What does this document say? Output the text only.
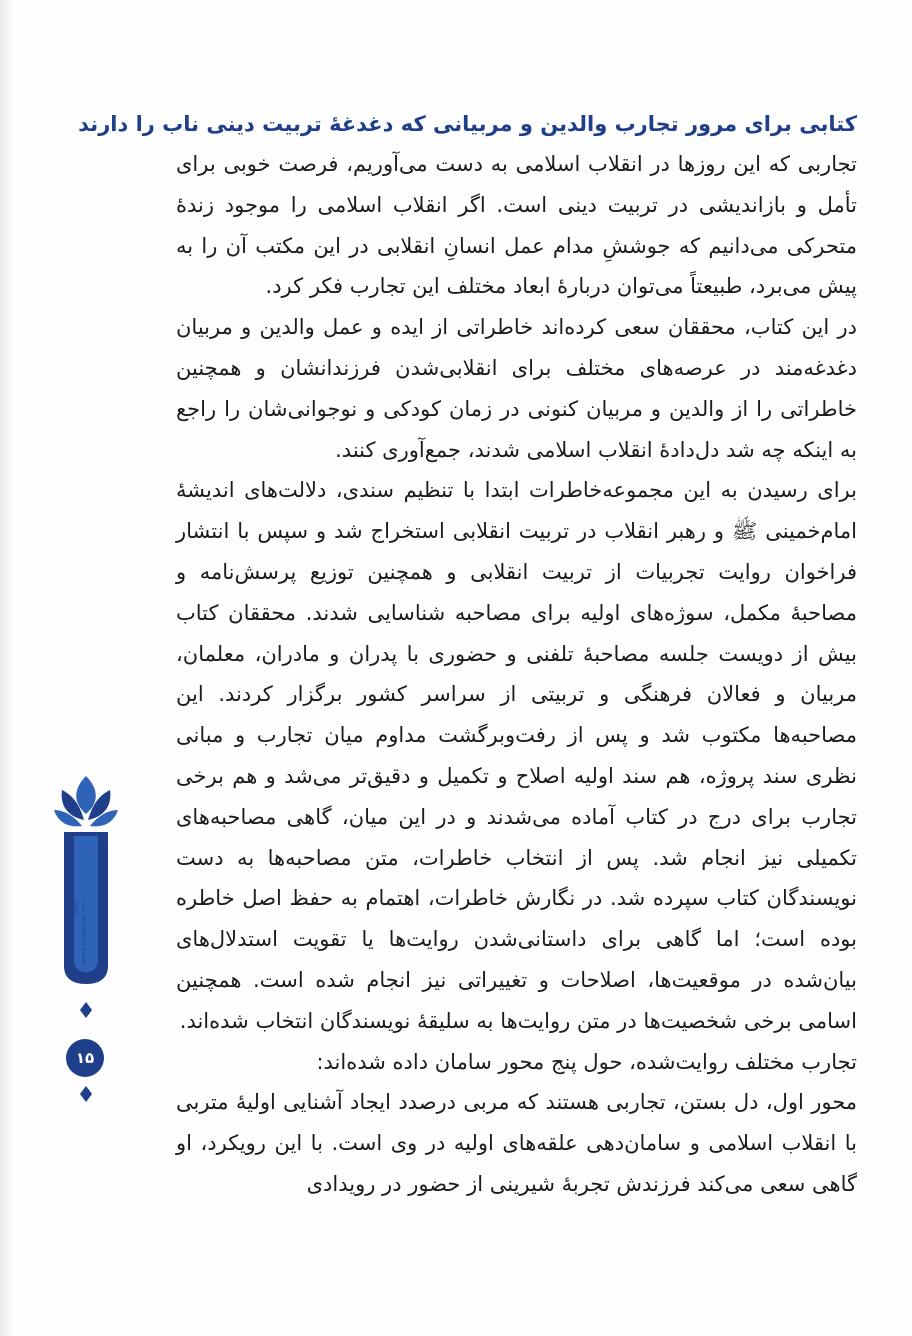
کتابی برای مرور تجارب والدین و مربیانی که دغدغهٔ تربیت دینی ناب را دارند

تجاربی که این روزها در انقلاب اسلامی به دست می‌آوریم، فرصت خوبی برای تأمل و بازاندیشی در تربیت دینی است. اگر انقلاب اسلامی را موجود زندهٔ متحرکی می‌دانیم که جوششِ مدام عمل انسانِ انقلابی در این مکتب آن را به پیش می‌برد، طبیعتاً می‌توان دربارهٔ ابعاد مختلف این تجارب فکر کرد.

در این کتاب، محققان سعی کرده‌اند خاطراتی از ایده و عمل والدین و مربیان دغدغه‌مند در عرصه‌های مختلف برای انقلابی‌شدن فرزندانشان و همچنین خاطراتی را از والدین و مربیان کنونی در زمان کودکی و نوجوانی‌شان را راجع به اینکه چه شد دل‌دادهٔ انقلاب اسلامی شدند، جمع‌آوری کنند.

برای رسیدن به این مجموعه‌خاطرات ابتدا با تنظیم سندی، دلالت‌های اندیشهٔ امام‌خمینی ﷺ و رهبر انقلاب در تربیت انقلابی استخراج شد و سپس با انتشار فراخوان روایت تجربیات از تربیت انقلابی و همچنین توزیع پرسش‌نامه و مصاحبهٔ مکمل، سوژه‌های اولیه برای مصاحبه شناسایی شدند. محققان کتاب بیش از دویست جلسه مصاحبهٔ تلفنی و حضوری با پدران و مادران، معلمان، مربیان و فعالان فرهنگی و تربیتی از سراسر کشور برگزار کردند. این مصاحبه‌ها مکتوب شد و پس از رفت‌وبرگشت مداوم میان تجارب و مبانی نظری سند پروژه، هم سند اولیه اصلاح و تکمیل و دقیق‌تر می‌شد و هم برخی تجارب برای درج در کتاب آماده می‌شدند و در این میان، گاهی مصاحبه‌های تکمیلی نیز انجام شد. پس از انتخاب خاطرات، متن مصاحبه‌ها به دست نویسندگان کتاب سپرده شد. در نگارش خاطرات، اهتمام به حفظ اصل خاطره بوده است؛ اما گاهی برای داستانی‌شدن روایت‌ها یا تقویت استدلال‌های بیان‌شده در موقعیت‌ها، اصلاحات و تغییراتی نیز انجام شده است. همچنین اسامی برخی شخصیت‌ها در متن روایت‌ها به سلیقهٔ نویسندگان انتخاب شده‌اند.

تجارب مختلف روایت‌شده، حول پنج محور سامان داده شده‌اند:

محور اول، دل بستن، تجاربی هستند که مربی درصدد ایجاد آشنایی اولیهٔ متربی با انقلاب اسلامی و سامان‌دهی علقه‌های اولیه در وی است. با این رویکرد، او گاهی سعی می‌کند فرزندش تجربهٔ شیرینی از حضور در رویدادی

مجموعهٔ کتاب‌های جریان تربیت انقلابی
۱۵
